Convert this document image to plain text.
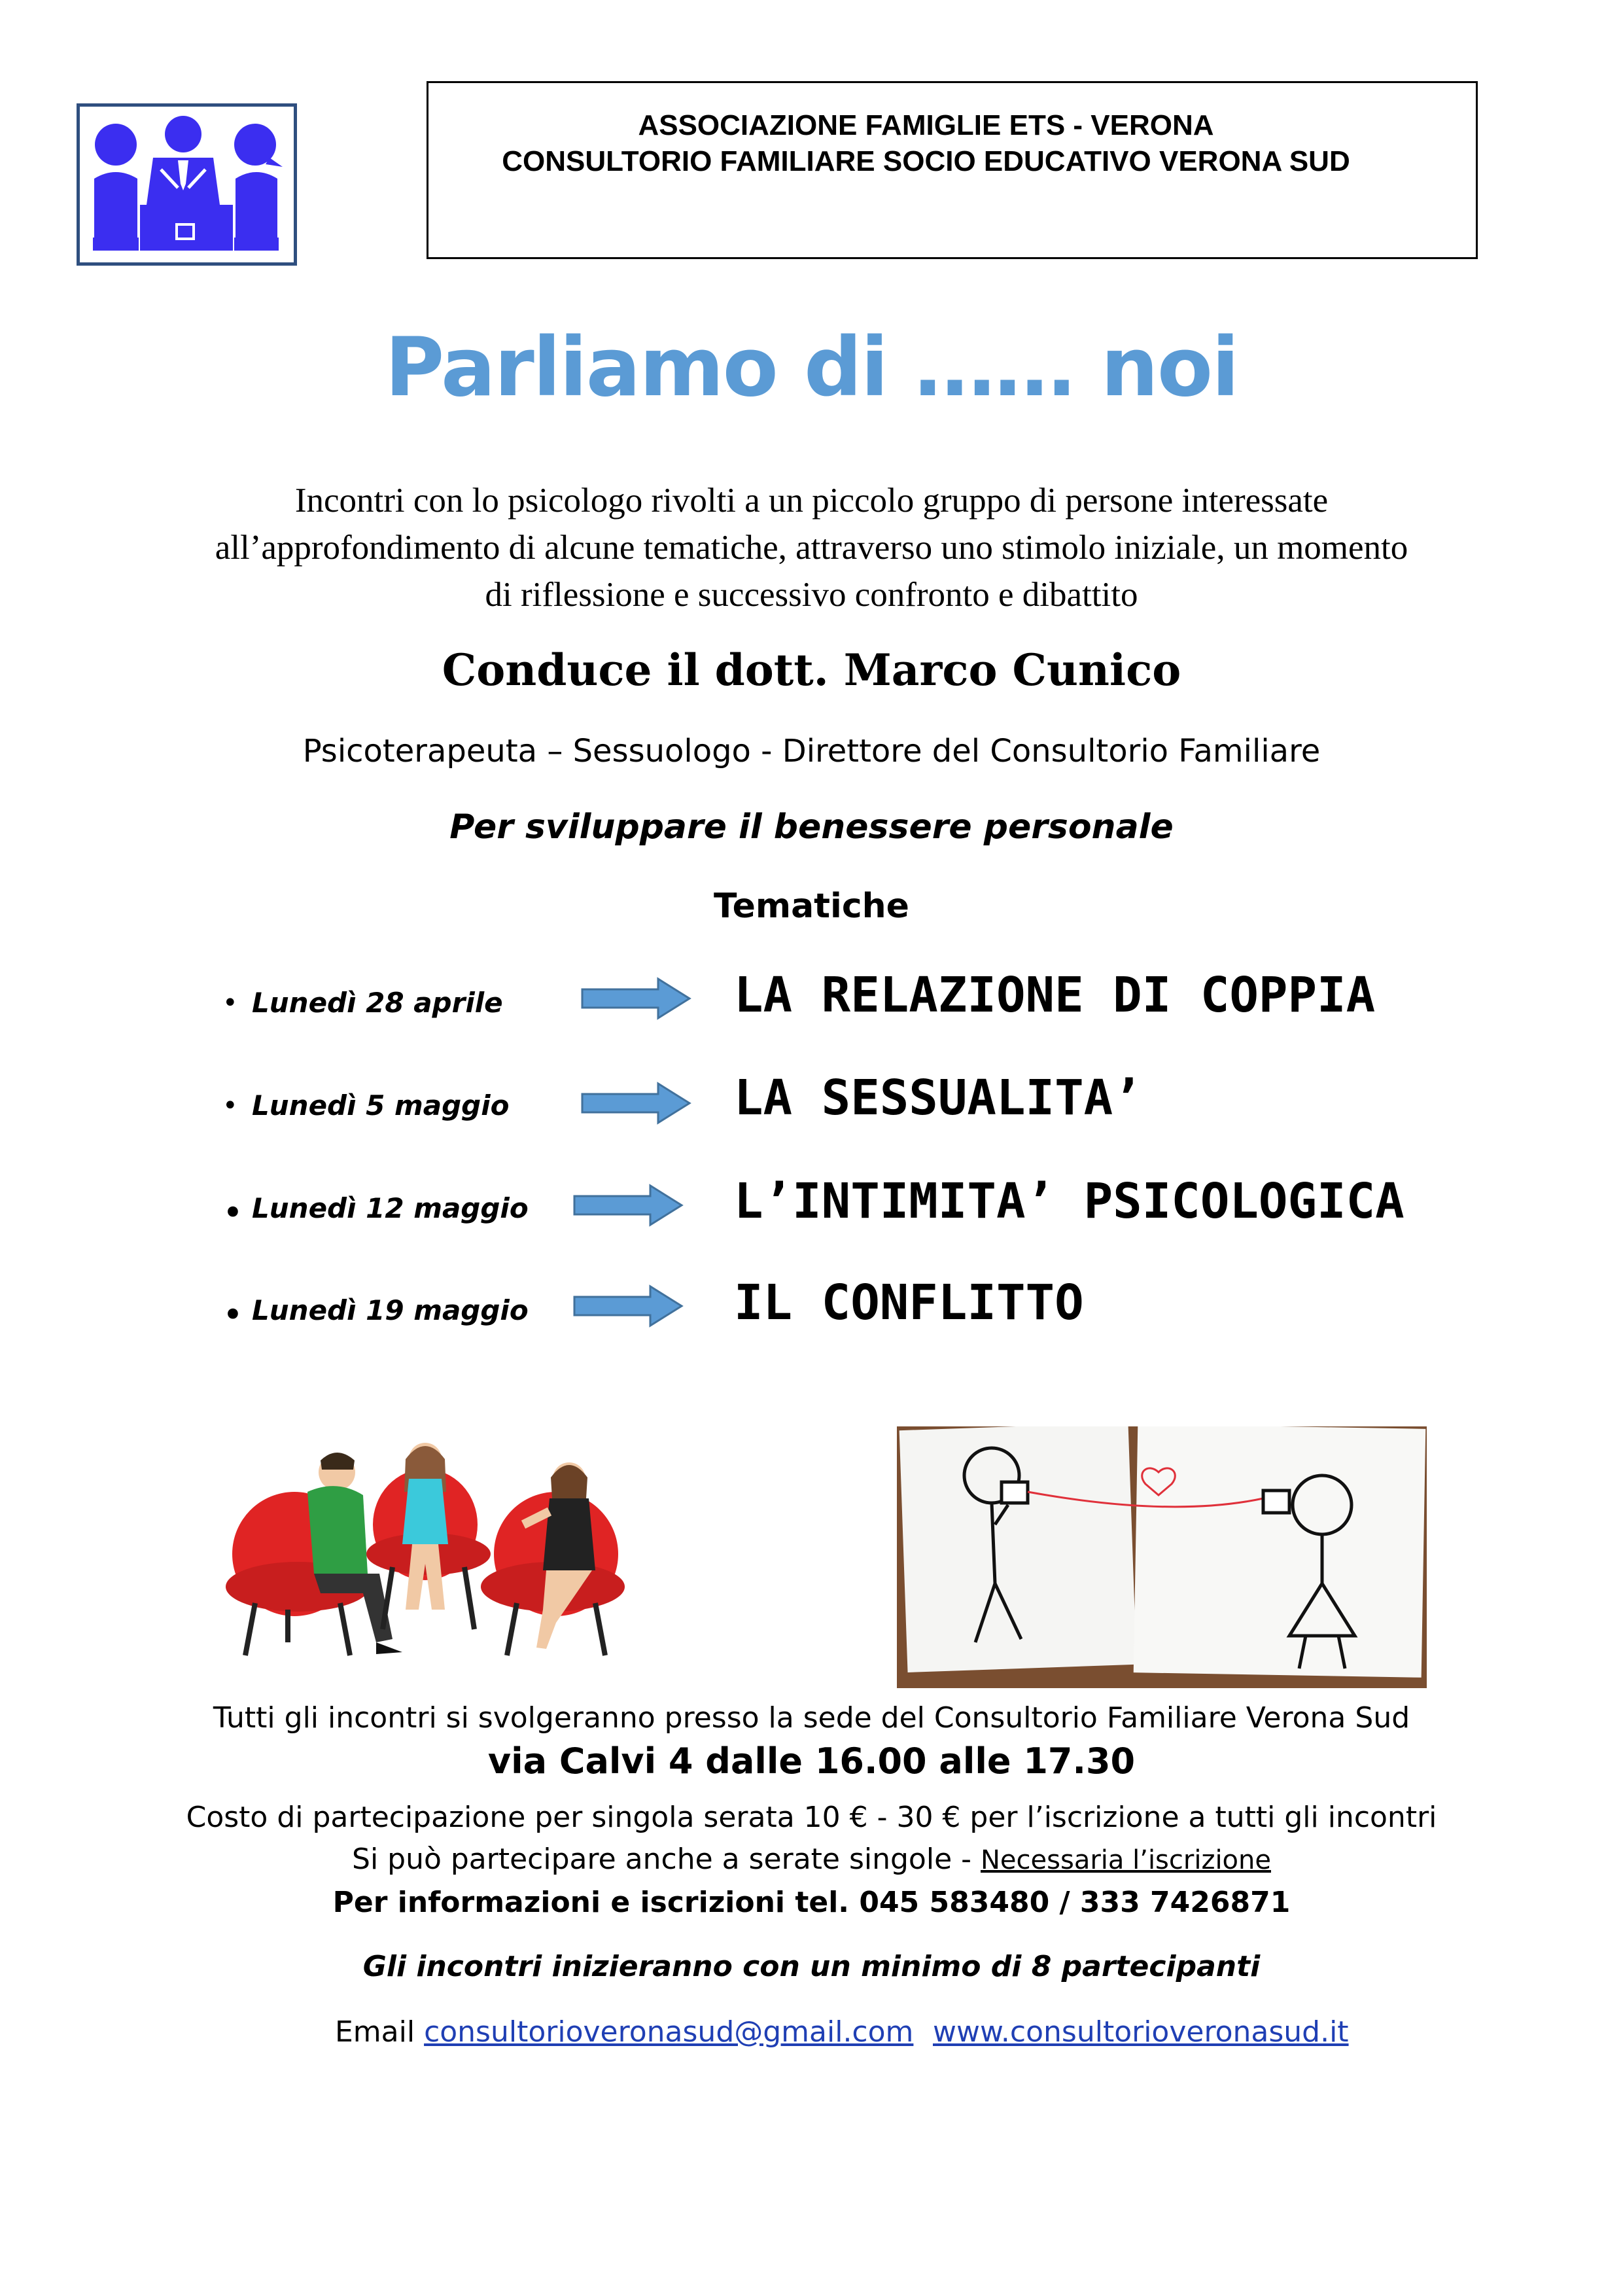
ASSOCIAZIONE FAMIGLIE ETS - VERONA
CONSULTORIO FAMILIARE SOCIO EDUCATIVO VERONA SUD
Parliamo di …… noi
Incontri con lo psicologo rivolti a un piccolo gruppo di persone interessate
all’approfondimento di alcune tematiche, attraverso uno stimolo iniziale, un momento
di riflessione e successivo confronto e dibattito
Conduce il dott. Marco Cunico
Psicoterapeuta – Sessuologo - Direttore del Consultorio Familiare
Per sviluppare il benessere personale
Tematiche
• Lunedì 28 aprile	LA RELAZIONE DI COPPIA
• Lunedì 5 maggio	LA SESSUALITA’
• Lunedì 12 maggio	L’INTIMITA’ PSICOLOGICA
• Lunedì 19 maggio	IL CONFLITTO
Tutti gli incontri si svolgeranno presso la sede del Consultorio Familiare Verona Sud
via Calvi 4 dalle 16.00 alle 17.30
Costo di partecipazione per singola serata 10 € - 30 € per l’iscrizione a tutti gli incontri
Si può partecipare anche a serate singole - Necessaria l’iscrizione
Per informazioni e iscrizioni tel. 045 583480 / 333 7426871
Gli incontri inizieranno con un minimo di 8 partecipanti
Email consultorioveronasud@gmail.com www.consultorioveronasud.it
